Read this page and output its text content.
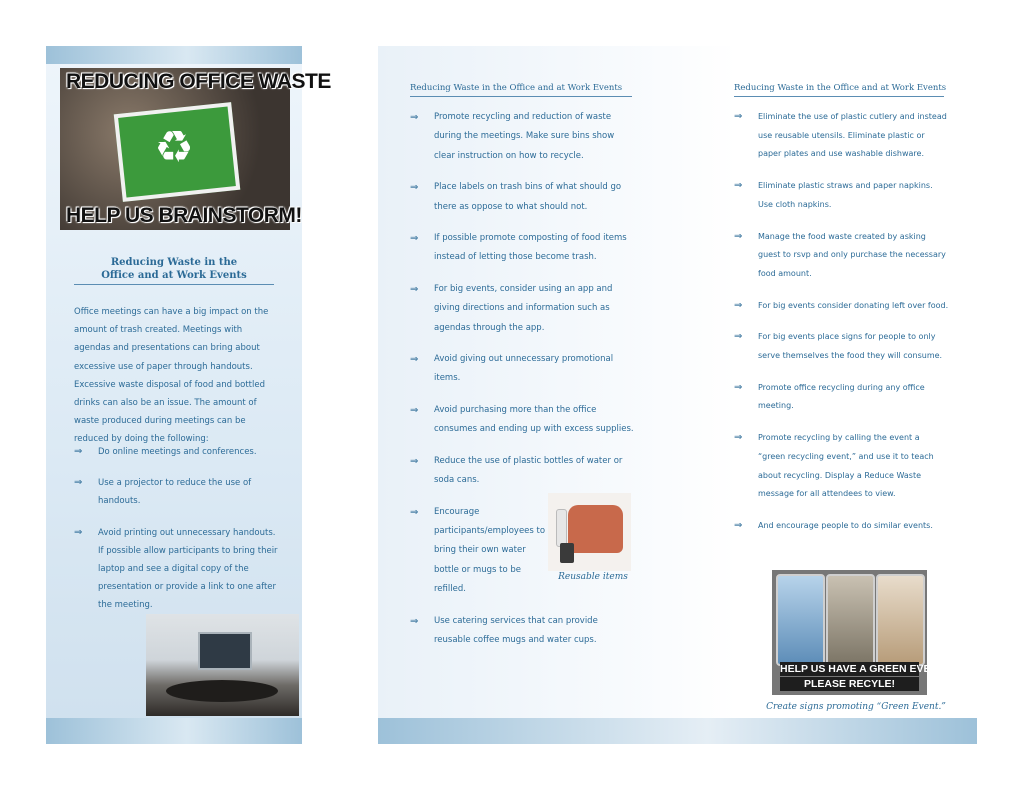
♻
REDUCING OFFICE WASTE
HELP US BRAINSTORM!
Reducing Waste in the
Office and at Work Events
Office meetings can have a big impact on the amount of trash created. Meetings with agendas and presentations can bring about excessive use of paper through handouts. Excessive waste disposal of food and bottled drinks can also be an issue. The amount of waste produced during meetings can be reduced by doing the following:
⇒ Do online meetings and conferences.
⇒ Use a projector to reduce the use of handouts.
⇒ Avoid printing out unnecessary handouts. If possible allow participants to bring their laptop and see a digital copy of the presentation or provide a link to one after the meeting.
Reducing Waste in the Office and at Work Events
⇒ Promote recycling and reduction of waste during the meetings. Make sure bins show clear instruction on how to recycle.
⇒ Place labels on trash bins of what should go there as oppose to what should not.
⇒ If possible promote composting of food items instead of letting those become trash.
⇒ For big events, consider using an app and giving directions and information such as agendas through the app.
⇒ Avoid giving out unnecessary promotional items.
⇒ Avoid purchasing more than the office consumes and ending up with excess supplies.
⇒ Reduce the use of plastic bottles of water or soda cans.
⇒ Encourage participants/employees to bring their own water bottle or mugs to be refilled.
⇒ Use catering services that can provide reusable coffee mugs and water cups.
Reusable items
Reducing Waste in the Office and at Work Events
⇒ Eliminate the use of plastic cutlery and instead use reusable utensils. Eliminate plastic or paper plates and use washable dishware.
⇒ Eliminate plastic straws and paper napkins. Use cloth napkins.
⇒ Manage the food waste created by asking guest to rsvp and only purchase the necessary food amount.
⇒ For big events consider donating left over food.
⇒ For big events place signs for people to only serve themselves the food they will consume.
⇒ Promote office recycling during any office meeting.
⇒ Promote recycling by calling the event a “green recycling event,” and use it to teach about recycling. Display a Reduce Waste message for all attendees to view.
⇒ And encourage people to do similar events.
HELP US HAVE A GREEN EVENT!
PLEASE RECYLE!
Create signs promoting “Green Event.”
